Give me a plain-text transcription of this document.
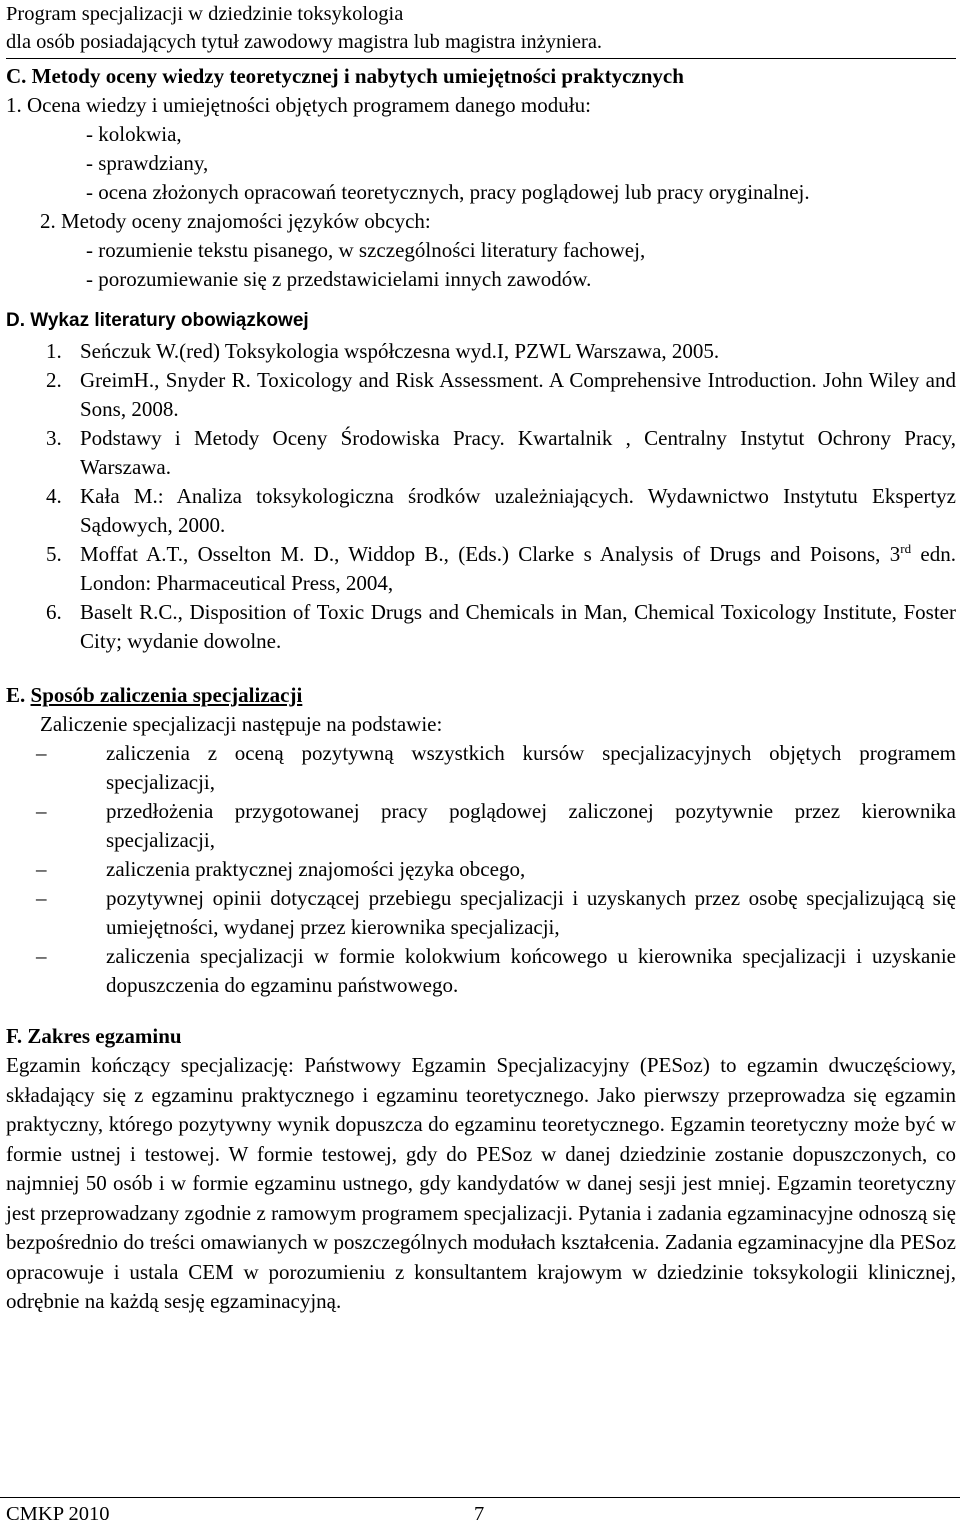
Program specjalizacji w dziedzinie toksykologia
dla osób posiadających tytuł zawodowy magistra lub magistra inżyniera.
C. Metody oceny wiedzy teoretycznej i nabytych umiejętności praktycznych
1. Ocena wiedzy i umiejętności objętych programem danego modułu:
- kolokwia,
- sprawdziany,
- ocena złożonych opracowań teoretycznych, pracy poglądowej lub pracy oryginalnej.
2. Metody oceny znajomości języków obcych:
- rozumienie tekstu pisanego, w szczególności literatury fachowej,
- porozumiewanie się z przedstawicielami innych zawodów.
D. Wykaz literatury obowiązkowej
1. Seńczuk W.(red) Toksykologia współczesna wyd.I, PZWL Warszawa, 2005.
2. GreimH., Snyder R. Toxicology and Risk Assessment. A Comprehensive Introduction. John Wiley and Sons, 2008.
3. Podstawy i Metody Oceny Środowiska Pracy. Kwartalnik , Centralny Instytut Ochrony Pracy, Warszawa.
4. Kała M.: Analiza toksykologiczna środków uzależniających. Wydawnictwo Instytutu Ekspertyz Sądowych, 2000.
5. Moffat A.T., Osselton M. D., Widdop B., (Eds.) Clarke s Analysis of Drugs and Poisons, 3rd edn. London: Pharmaceutical Press, 2004,
6. Baselt R.C., Disposition of Toxic Drugs and Chemicals in Man, Chemical Toxicology Institute, Foster City; wydanie dowolne.
E. Sposób zaliczenia specjalizacji
Zaliczenie specjalizacji następuje na podstawie:
–	zaliczenia z oceną pozytywną wszystkich kursów specjalizacyjnych objętych programem specjalizacji,
–	przedłożenia przygotowanej pracy poglądowej zaliczonej pozytywnie przez kierownika specjalizacji,
–	zaliczenia praktycznej znajomości języka obcego,
–	pozytywnej opinii dotyczącej przebiegu specjalizacji i uzyskanych przez osobę specjalizującą się umiejętności, wydanej przez kierownika specjalizacji,
–	zaliczenia specjalizacji w formie kolokwium końcowego u kierownika specjalizacji i uzyskanie dopuszczenia do egzaminu państwowego.
F. Zakres egzaminu
Egzamin kończący specjalizację: Państwowy Egzamin Specjalizacyjny (PESoz) to egzamin dwuczęściowy, składający się z egzaminu praktycznego i egzaminu teoretycznego. Jako pierwszy przeprowadza się egzamin praktyczny, którego pozytywny wynik dopuszcza do egzaminu teoretycznego. Egzamin teoretyczny może być w formie ustnej i testowej. W formie testowej, gdy do PESoz w danej dziedzinie zostanie dopuszczonych, co najmniej 50 osób i w formie egzaminu ustnego, gdy kandydatów w danej sesji jest mniej. Egzamin teoretyczny jest przeprowadzany zgodnie z ramowym programem specjalizacji. Pytania i zadania egzaminacyjne odnoszą się bezpośrednio do treści omawianych w poszczególnych modułach kształcenia. Zadania egzaminacyjne dla PESoz opracowuje i ustala CEM w porozumieniu z konsultantem krajowym w dziedzinie toksykologii klinicznej, odrębnie na każdą sesję egzaminacyjną.
CMKP 2010	7
